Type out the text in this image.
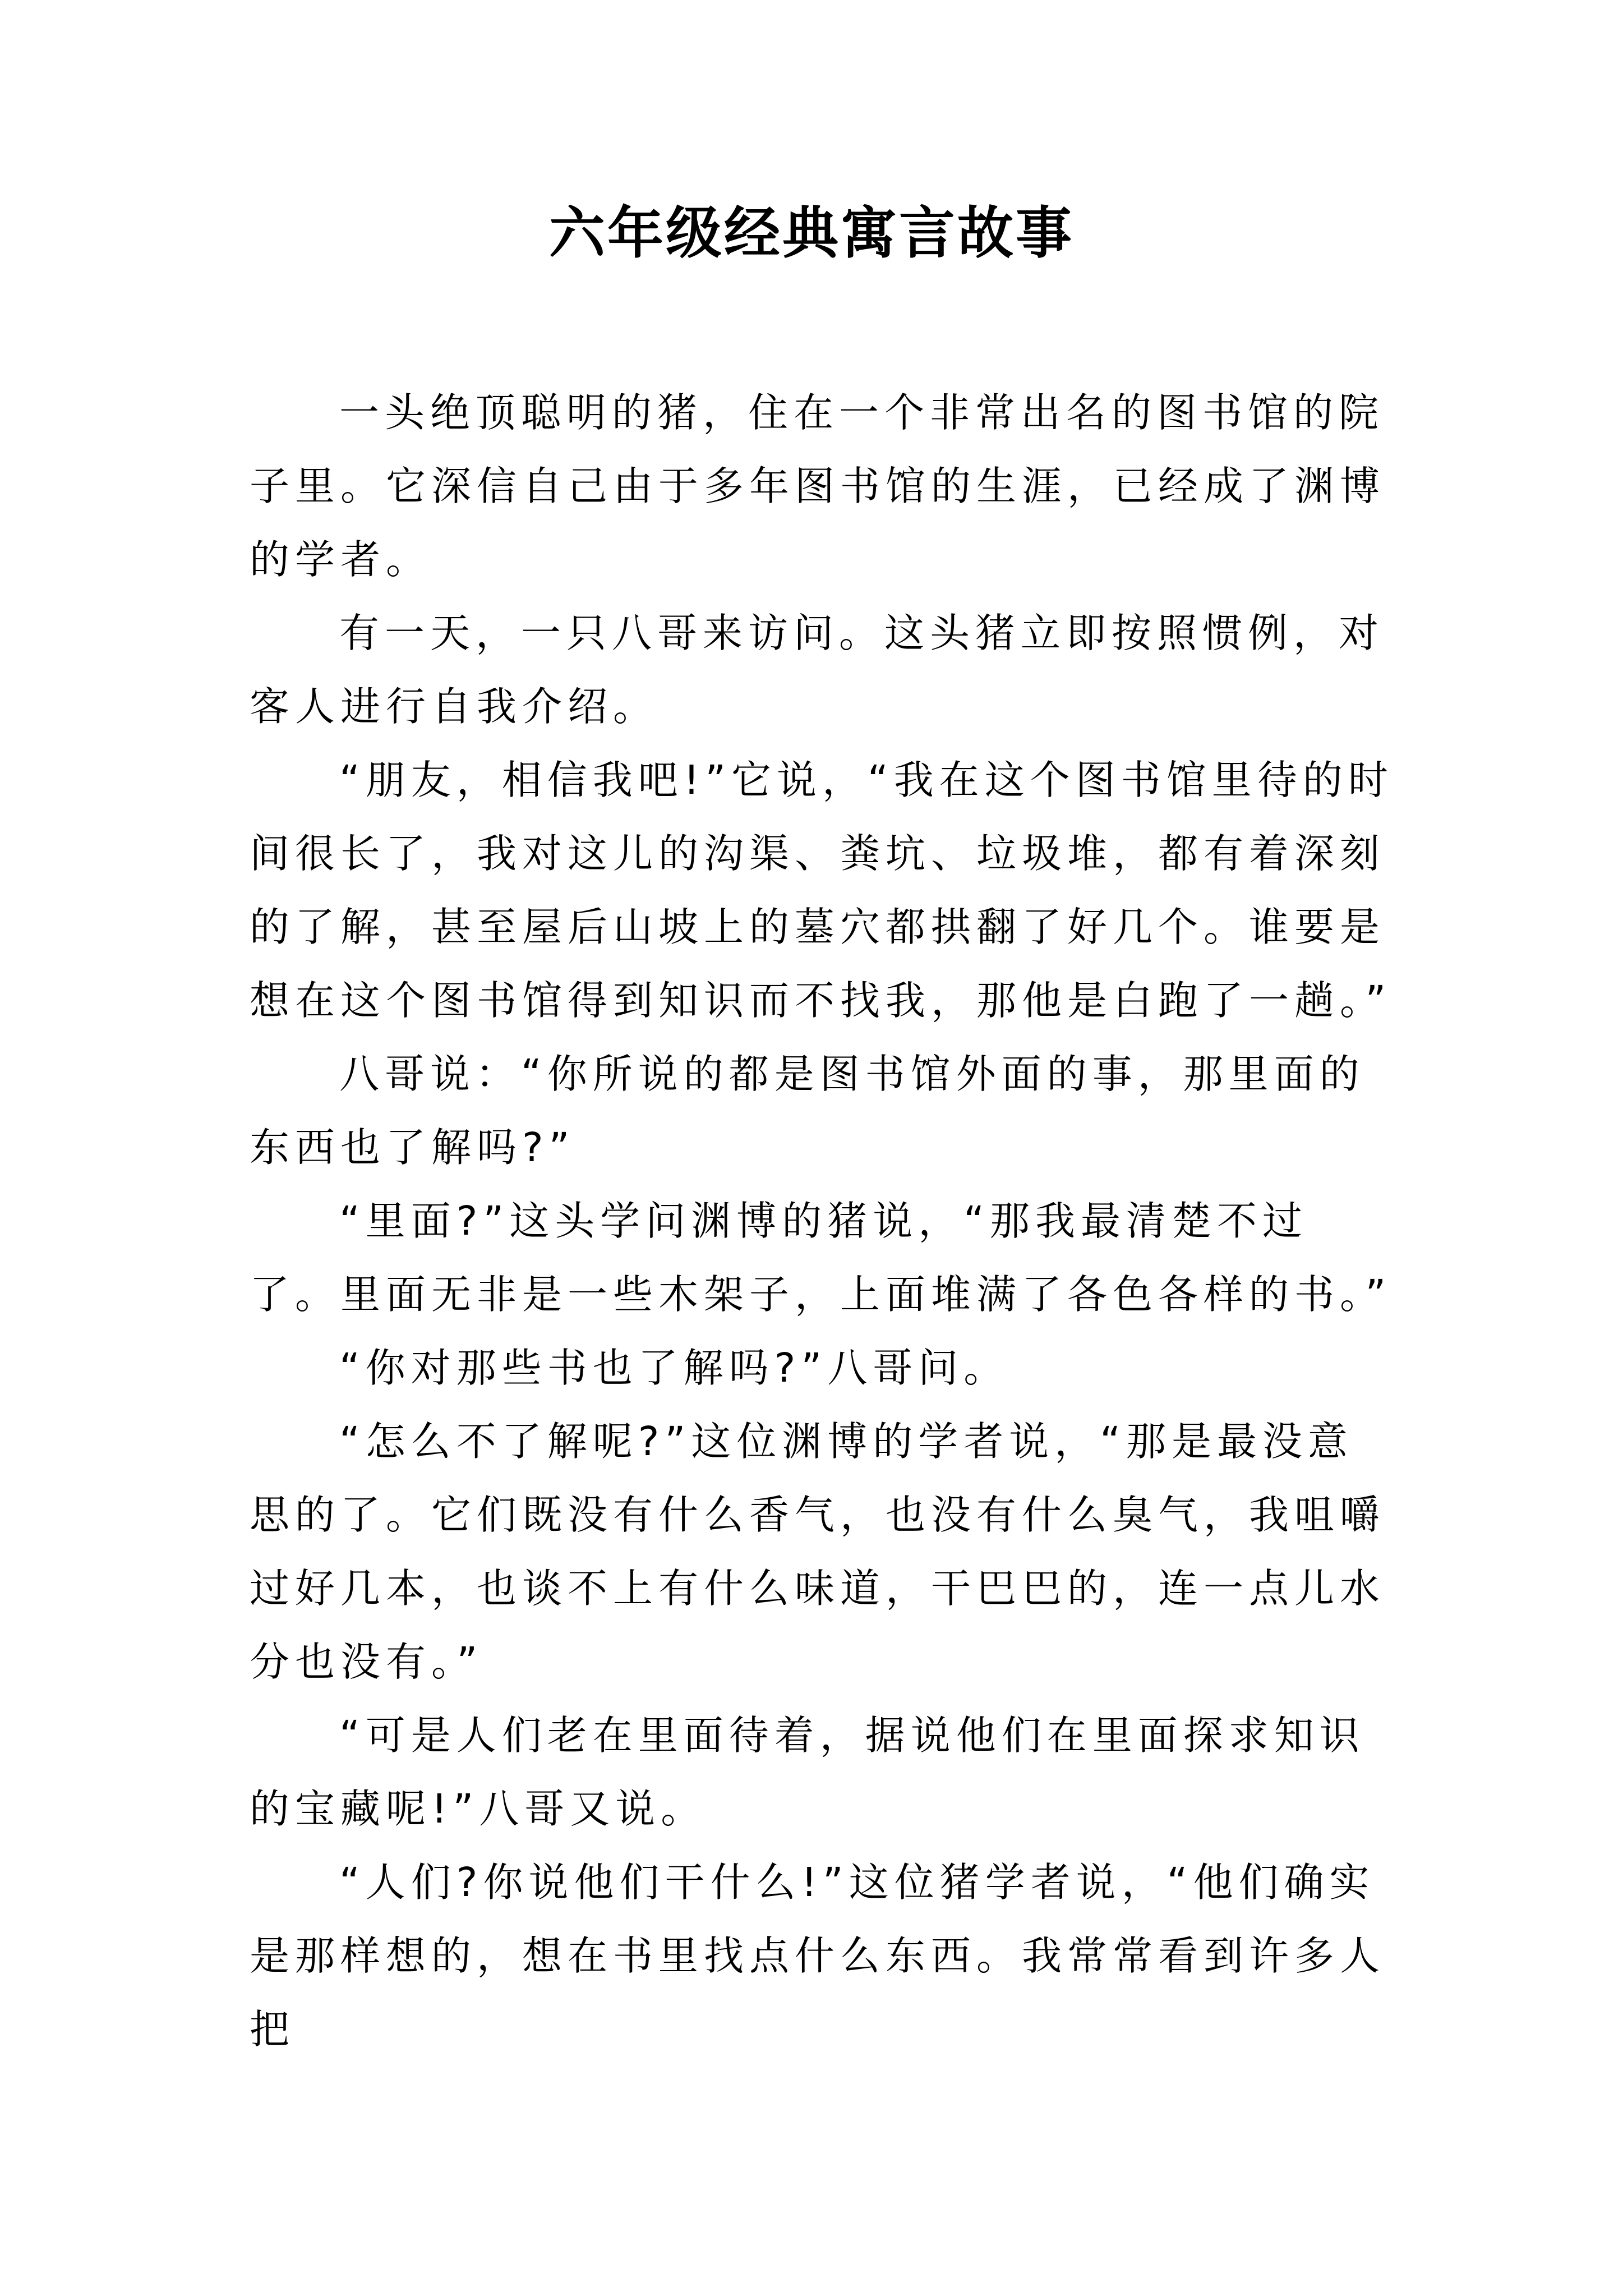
六年级经典寓言故事

一头绝顶聪明的猪，住在一个非常出名的图书馆的院子里。它深信自己由于多年图书馆的生涯，已经成了渊博的学者。

有一天，一只八哥来访问。这头猪立即按照惯例，对客人进行自我介绍。

“朋友，相信我吧!”它说，“我在这个图书馆里待的时间很长了，我对这儿的沟渠、粪坑、垃圾堆，都有着深刻的了解，甚至屋后山坡上的墓穴都拱翻了好几个。谁要是想在这个图书馆得到知识而不找我，那他是白跑了一趟。”

八哥说：“你所说的都是图书馆外面的事，那里面的东西也了解吗?”

“里面?”这头学问渊博的猪说，“那我最清楚不过了。里面无非是一些木架子，上面堆满了各色各样的书。”

“你对那些书也了解吗?”八哥问。

“怎么不了解呢?”这位渊博的学者说，“那是最没意思的了。它们既没有什么香气，也没有什么臭气，我咀嚼过好几本，也谈不上有什么味道，干巴巴的，连一点儿水分也没有。”

“可是人们老在里面待着，据说他们在里面探求知识的宝藏呢!”八哥又说。

“人们?你说他们干什么!”这位猪学者说，“他们确实是那样想的，想在书里找点什么东西。我常常看到许多人把
